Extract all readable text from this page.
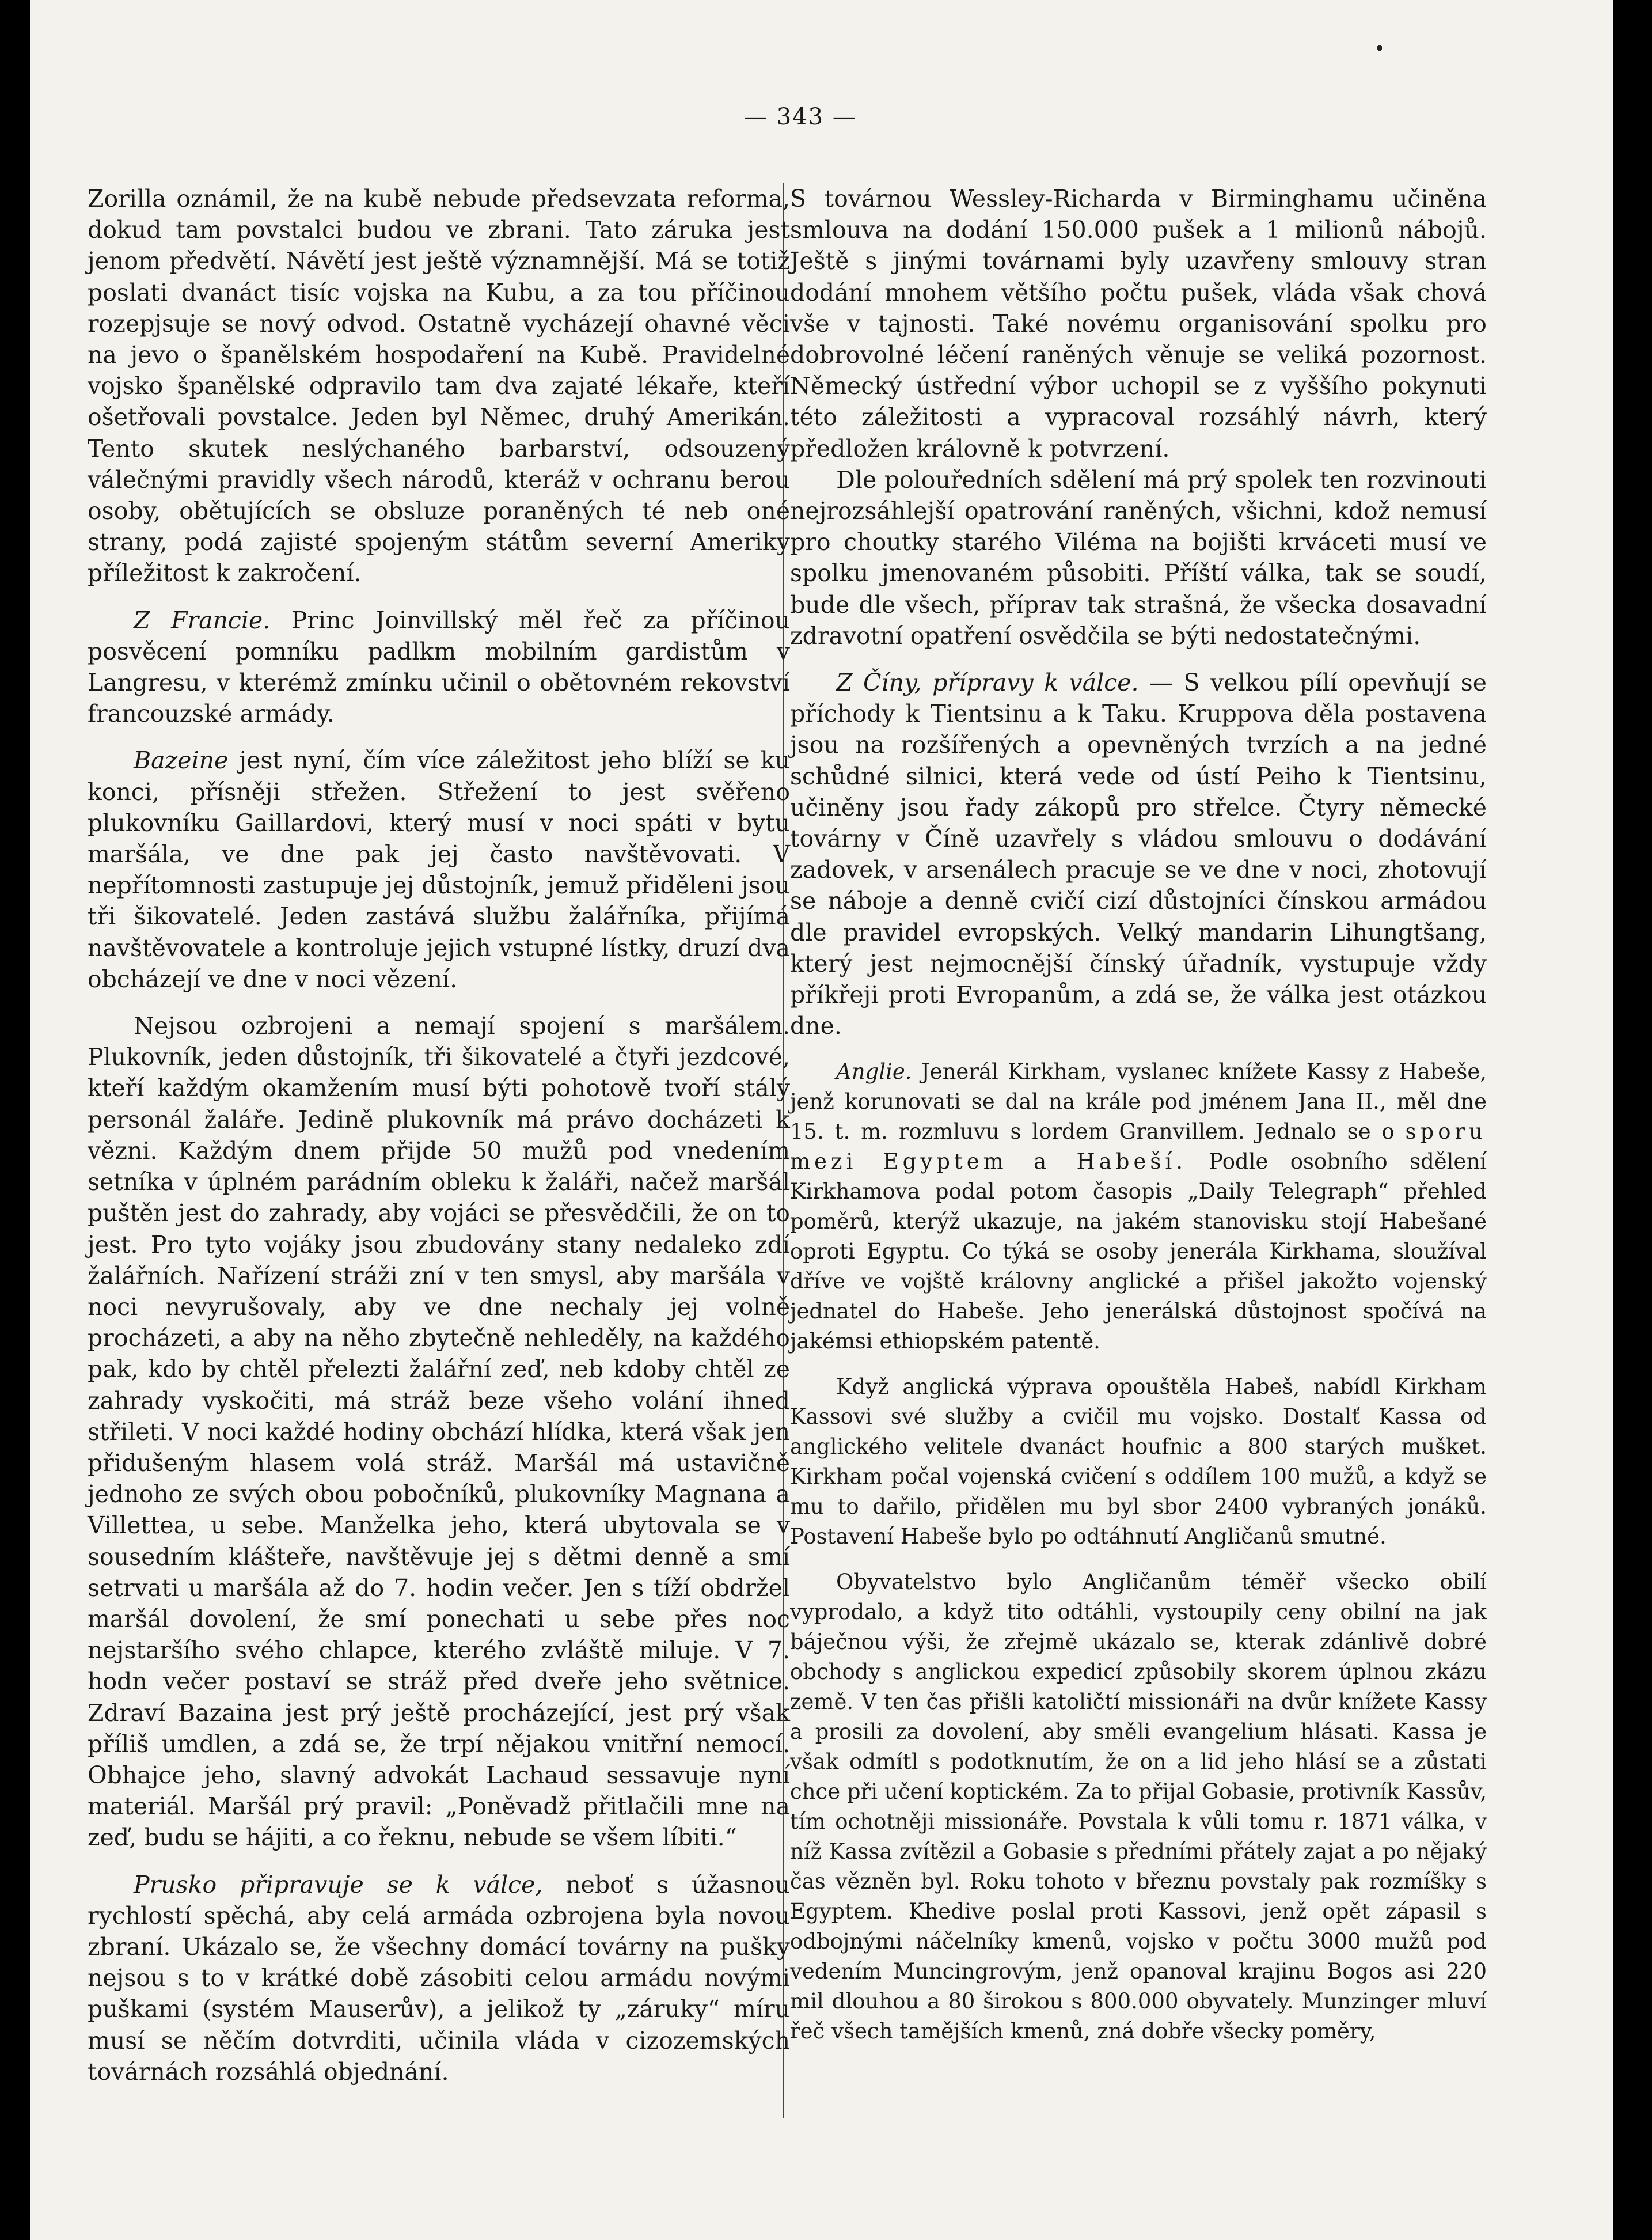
— 343 —

Zorilla oznámil, že na kubě nebude předsevzata reforma, dokud tam povstalci budou ve zbrani. Tato záruka jest jenom předvětí. Návětí jest ještě významnější. Má se totiž poslati dvanáct tisíc vojska na Kubu, a za tou příčinou rozepjsuje se nový odvod. Ostatně vycházejí ohavné věci na jevo o španělském hospodaření na Kubě. Pravidelné vojsko španělské odpravilo tam dva zajaté lékaře, kteří ošetřovali povstalce. Jeden byl Němec, druhý Amerikán. Tento skutek neslýchaného barbarství, odsouzený válečnými pravidly všech národů, kteráž v ochranu berou osoby, obětujících se obsluze poraněných té neb oné strany, podá zajisté spojeným státům severní Ameriky příležitost k zakročení.

Z Francie. Princ Joinvillský měl řeč za příčinou posvěcení pomníku padlkm mobilním gardistům v Langresu, v kterémž zmínku učinil o obětovném rekovství francouzské armády.

Bazeine jest nyní, čím více záležitost jeho blíží se ku konci, přísněji střežen. Střežení to jest svěřeno plukovníku Gaillardovi, který musí v noci spáti v bytu maršála, ve dne pak jej často navštěvovati. V nepřítomnosti zastupuje jej důstojník, jemuž přiděleni jsou tři šikovatelé. Jeden zastává službu žalářníka, přijímá navštěvovatele a kontroluje jejich vstupné lístky, druzí dva obcházejí ve dne v noci vězení.

Nejsou ozbrojeni a nemají spojení s maršálem. Plukovník, jeden důstojník, tři šikovatelé a čtyři jezdcové, kteří každým okamžením musí býti pohotově tvoří stálý personál žaláře. Jedině plukovník má právo docházeti k vězni. Každým dnem přijde 50 mužů pod vnedením setníka v úplném parádním obleku k žaláři, načež maršál puštěn jest do zahrady, aby vojáci se přesvědčili, že on to jest. Pro tyto vojáky jsou zbudovány stany nedaleko zdí žalářních. Nařízení stráži zní v ten smysl, aby maršála v noci nevyrušovaly, aby ve dne nechaly jej volně procházeti, a aby na něho zbytečně nehleděly, na každého pak, kdo by chtěl přelezti žalářní zeď, neb kdoby chtěl ze zahrady vyskočiti, má stráž beze všeho volání ihned střileti. V noci každé hodiny obchází hlídka, která však jen přidušeným hlasem volá stráž. Maršál má ustavičně jednoho ze svých obou pobočníků, plukovníky Magnana a Villettea, u sebe. Manželka jeho, která ubytovala se v sousedním klášteře, navštěvuje jej s dětmi denně a smí setrvati u maršála až do 7. hodin večer. Jen s tíží obdržel maršál dovolení, že smí ponechati u sebe přes noc nejstaršího svého chlapce, kterého zvláště miluje. V 7. hodn večer postaví se stráž před dveře jeho světnice. Zdraví Bazaina jest prý ještě procházející, jest prý však příliš umdlen, a zdá se, že trpí nějakou vnitřní nemocí. Obhajce jeho, slavný advokát Lachaud sessavuje nyní materiál. Maršál prý pravil: „Poněvadž přitlačili mne na zeď, budu se hájiti, a co řeknu, nebude se všem líbiti.“

Prusko připravuje se k válce, neboť s úžasnou rychlostí spěchá, aby celá armáda ozbrojena byla novou zbraní. Ukázalo se, že všechny domácí továrny na pušky nejsou s to v krátké době zásobiti celou armádu novými puškami (systém Mauserův), a jelikož ty „záruky“ míru musí se něčím dotvrditi, učinila vláda v cizozemských továrnách rozsáhlá objednání.

S továrnou Wessley-Richarda v Birminghamu učiněna smlouva na dodání 150.000 pušek a 1 milionů nábojů. Ještě s jinými továrnami byly uzavřeny smlouvy stran dodání mnohem většího počtu pušek, vláda však chová vše v tajnosti. Také novému organisování spolku pro dobrovolné léčení raněných věnuje se veliká pozornost. Německý ústřední výbor uchopil se z vyššího pokynuti této záležitosti a vypracoval rozsáhlý návrh, který předložen královně k potvrzení.

Dle polouředních sdělení má prý spolek ten rozvinouti nejrozsáhlejší opatrování raněných, všichni, kdož nemusí pro choutky starého Viléma na bojišti krváceti musí ve spolku jmenovaném působiti. Příští válka, tak se soudí, bude dle všech, příprav tak strašná, že všecka dosavadní zdravotní opatření osvědčila se býti nedostatečnými.

Z Číny, přípravy k válce. — S velkou pílí opevňují se příchody k Tientsinu a k Taku. Kruppova děla postavena jsou na rozšířených a opevněných tvrzích a na jedné schůdné silnici, která vede od ústí Peiho k Tientsinu, učiněny jsou řady zákopů pro střelce. Čtyry německé továrny v Číně uzavřely s vládou smlouvu o dodávání zadovek, v arsenálech pracuje se ve dne v noci, zhotovují se náboje a denně cvičí cizí důstojníci čínskou armádou dle pravidel evropských. Velký mandarin Lihungtšang, který jest nejmocnější čínský úřadník, vystupuje vždy příkřeji proti Evropanům, a zdá se, že válka jest otázkou dne.

Anglie. Jenerál Kirkham, vyslanec knížete Kassy z Habeše, jenž korunovati se dal na krále pod jménem Jana II., měl dne 15. t. m. rozmluvu s lordem Granvillem. Jednalo se o sporu mezi Egyptem a Habeší. Podle osobního sdělení Kirkhamova podal potom časopis „Daily Telegraph“ přehled poměrů, kterýž ukazuje, na jakém stanovisku stojí Habešané oproti Egyptu. Co týká se osoby jenerála Kirkhama, sloužíval dříve ve vojště královny anglické a přišel jakožto vojenský jednatel do Habeše. Jeho jenerálská důstojnost spočívá na jakémsi ethiopském patentě.

Když anglická výprava opouštěla Habeš, nabídl Kirkham Kassovi své služby a cvičil mu vojsko. Dostalť Kassa od anglického velitele dvanáct houfnic a 800 starých mušket. Kirkham počal vojenská cvičení s oddílem 100 mužů, a když se mu to dařilo, přidělen mu byl sbor 2400 vybraných jonáků. Postavení Habeše bylo po odtáhnutí Angličanů smutné.

Obyvatelstvo bylo Angličanům téměř všecko obilí vyprodalo, a když tito odtáhli, vystoupily ceny obilní na jak báječnou výši, že zřejmě ukázalo se, kterak zdánlivě dobré obchody s anglickou expedicí způsobily skorem úplnou zkázu země. V ten čas přišli katoličtí missionáři na dvůr knížete Kassy a prosili za dovolení, aby směli evangelium hlásati. Kassa je však odmítl s podotknutím, že on a lid jeho hlásí se a zůstati chce při učení koptickém. Za to přijal Gobasie, protivník Kassův, tím ochotněji missionáře. Povstala k vůli tomu r. 1871 válka, v níž Kassa zvítězil a Gobasie s předními přátely zajat a po nějaký čas vězněn byl. Roku tohoto v březnu povstaly pak rozmíšky s Egyptem. Khedive poslal proti Kassovi, jenž opět zápasil s odbojnými náčelníky kmenů, vojsko v počtu 3000 mužů pod vedením Muncingrovým, jenž opanoval krajinu Bogos asi 220 mil dlouhou a 80 širokou s 800.000 obyvately. Munzinger mluví řeč všech tamějších kmenů, zná dobře všecky poměry,
